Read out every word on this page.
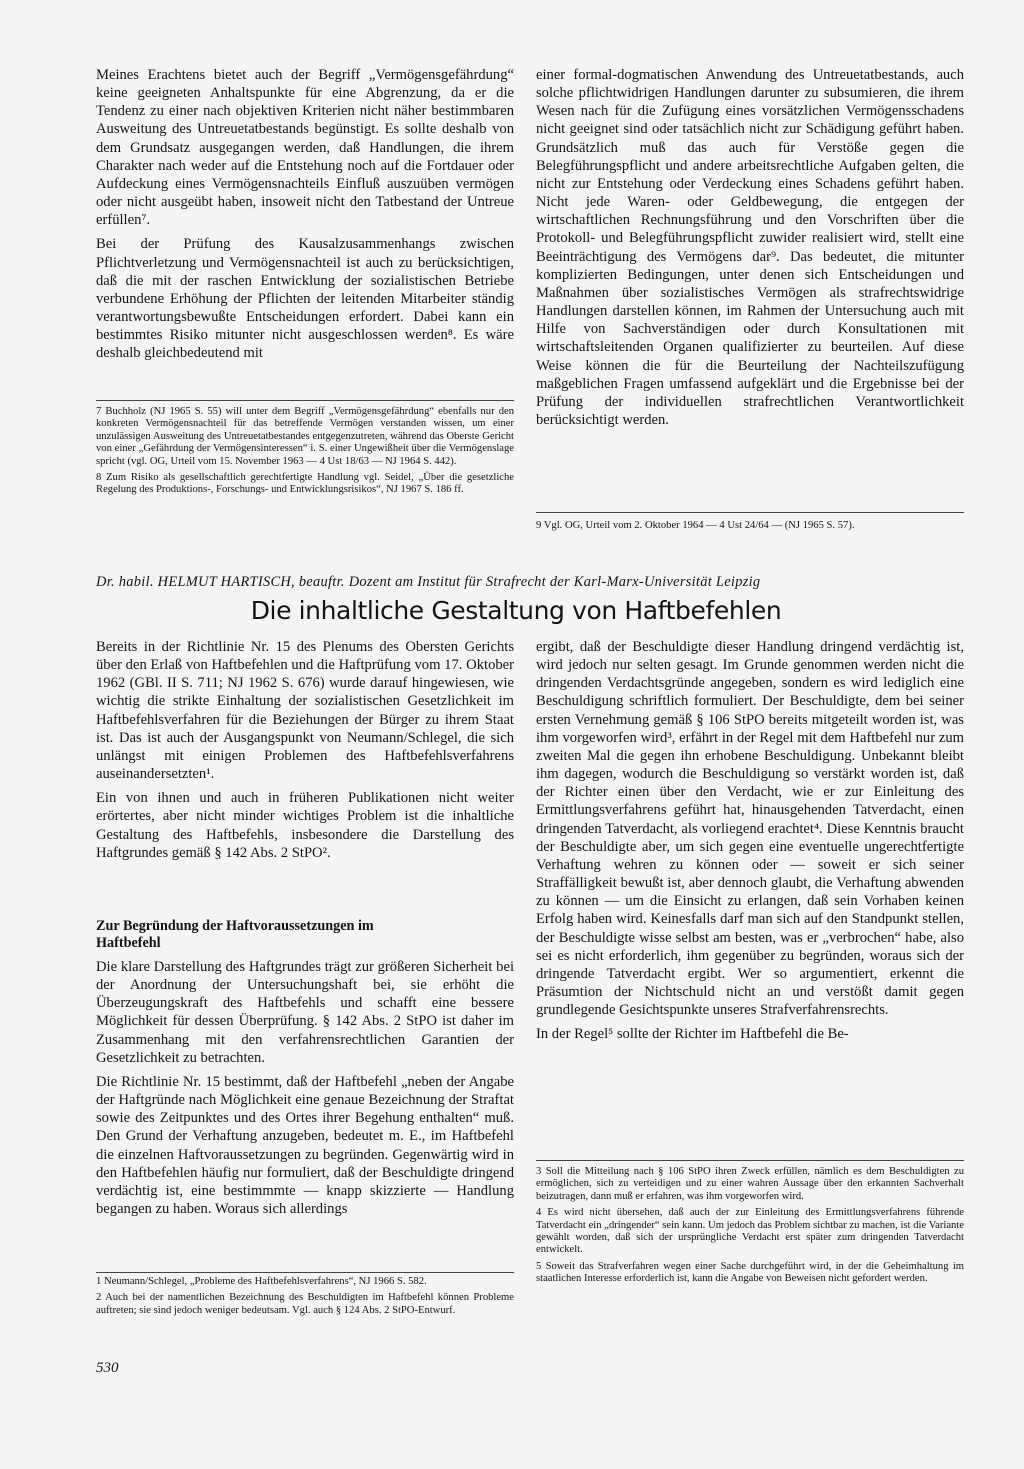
Meines Erachtens bietet auch der Begriff „Vermögensgefährdung“ keine geeigneten Anhaltspunkte für eine Abgrenzung, da er die Tendenz zu einer nach objektiven Kriterien nicht näher bestimmbaren Ausweitung des Untreuetatbestands begünstigt. Es sollte deshalb von dem Grundsatz ausgegangen werden, daß Handlungen, die ihrem Charakter nach weder auf die Entstehung noch auf die Fortdauer oder Aufdeckung eines Vermögensnachteils Einfluß auszuüben vermögen oder nicht ausgeübt haben, insoweit nicht den Tatbestand der Untreue erfüllen⁷.

Bei der Prüfung des Kausalzusammenhangs zwischen Pflichtverletzung und Vermögensnachteil ist auch zu berücksichtigen, daß die mit der raschen Entwicklung der sozialistischen Betriebe verbundene Erhöhung der Pflichten der leitenden Mitarbeiter ständig verantwortungsbewußte Entscheidungen erfordert. Dabei kann ein bestimmtes Risiko mitunter nicht ausgeschlossen werden⁸. Es wäre deshalb gleichbedeutend mit

7 Buchholz (NJ 1965 S. 55) will unter dem Begriff „Vermögensgefährdung“ ebenfalls nur den konkreten Vermögensnachteil für das betreffende Vermögen verstanden wissen, um einer unzulässigen Ausweitung des Untreuetatbestandes entgegenzutreten, während das Oberste Gericht von einer „Gefährdung der Vermögensinteressen“ i. S. einer Ungewißheit über die Vermögenslage spricht (vgl. OG, Urteil vom 15. November 1963 — 4 Ust 18/63 — NJ 1964 S. 442).

8 Zum Risiko als gesellschaftlich gerechtfertigte Handlung vgl. Seidel, „Über die gesetzliche Regelung des Produktions-, Forschungs- und Entwicklungsrisikos“, NJ 1967 S. 186 ff.

einer formal-dogmatischen Anwendung des Untreuetatbestands, auch solche pflichtwidrigen Handlungen darunter zu subsumieren, die ihrem Wesen nach für die Zufügung eines vorsätzlichen Vermögensschadens nicht geeignet sind oder tatsächlich nicht zur Schädigung geführt haben. Grundsätzlich muß das auch für Verstöße gegen die Belegführungspflicht und andere arbeitsrechtliche Aufgaben gelten, die nicht zur Entstehung oder Verdeckung eines Schadens geführt haben. Nicht jede Waren- oder Geldbewegung, die entgegen der wirtschaftlichen Rechnungsführung und den Vorschriften über die Protokoll- und Belegführungspflicht zuwider realisiert wird, stellt eine Beeinträchtigung des Vermögens dar⁹. Das bedeutet, die mitunter komplizierten Bedingungen, unter denen sich Entscheidungen und Maßnahmen über sozialistisches Vermögen als strafrechtswidrige Handlungen darstellen können, im Rahmen der Untersuchung auch mit Hilfe von Sachverständigen oder durch Konsultationen mit wirtschaftsleitenden Organen qualifizierter zu beurteilen. Auf diese Weise können die für die Beurteilung der Nachteilszufügung maßgeblichen Fragen umfassend aufgeklärt und die Ergebnisse bei der Prüfung der individuellen strafrechtlichen Verantwortlichkeit berücksichtigt werden.

9 Vgl. OG, Urteil vom 2. Oktober 1964 — 4 Ust 24/64 — (NJ 1965 S. 57).

Dr. habil. HELMUT HARTISCH, beauftr. Dozent am Institut für Strafrecht der Karl-Marx-Universität Leipzig
Die inhaltliche Gestaltung von Haftbefehlen

Bereits in der Richtlinie Nr. 15 des Plenums des Obersten Gerichts über den Erlaß von Haftbefehlen und die Haftprüfung vom 17. Oktober 1962 (GBl. II S. 711; NJ 1962 S. 676) wurde darauf hingewiesen, wie wichtig die strikte Einhaltung der sozialistischen Gesetzlichkeit im Haftbefehlsverfahren für die Beziehungen der Bürger zu ihrem Staat ist. Das ist auch der Ausgangspunkt von Neumann/Schlegel, die sich unlängst mit einigen Problemen des Haftbefehlsverfahrens auseinandersetzten¹.

Ein von ihnen und auch in früheren Publikationen nicht weiter erörtertes, aber nicht minder wichtiges Problem ist die inhaltliche Gestaltung des Haftbefehls, insbesondere die Darstellung des Haftgrundes gemäß § 142 Abs. 2 StPO².

Zur Begründung der Haftvoraussetzungen im Haftbefehl

Die klare Darstellung des Haftgrundes trägt zur größeren Sicherheit bei der Anordnung der Untersuchungshaft bei, sie erhöht die Überzeugungskraft des Haftbefehls und schafft eine bessere Möglichkeit für dessen Überprüfung. § 142 Abs. 2 StPO ist daher im Zusammenhang mit den verfahrensrechtlichen Garantien der Gesetzlichkeit zu betrachten.

Die Richtlinie Nr. 15 bestimmt, daß der Haftbefehl „neben der Angabe der Haftgründe nach Möglichkeit eine genaue Bezeichnung der Straftat sowie des Zeitpunktes und des Ortes ihrer Begehung enthalten“ muß. Den Grund der Verhaftung anzugeben, bedeutet m. E., im Haftbefehl die einzelnen Haftvoraussetzungen zu begründen. Gegenwärtig wird in den Haftbefehlen häufig nur formuliert, daß der Beschuldigte dringend verdächtig ist, eine bestimmmte — knapp skizzierte — Handlung begangen zu haben. Woraus sich allerdings

1 Neumann/Schlegel, „Probleme des Haftbefehlsverfahrens“, NJ 1966 S. 582.

2 Auch bei der namentlichen Bezeichnung des Beschuldigten im Haftbefehl können Probleme auftreten; sie sind jedoch weniger bedeutsam. Vgl. auch § 124 Abs. 2 StPO-Entwurf.

ergibt, daß der Beschuldigte dieser Handlung dringend verdächtig ist, wird jedoch nur selten gesagt. Im Grunde genommen werden nicht die dringenden Verdachtsgründe angegeben, sondern es wird lediglich eine Beschuldigung schriftlich formuliert. Der Beschuldigte, dem bei seiner ersten Vernehmung gemäß § 106 StPO bereits mitgeteilt worden ist, was ihm vorgeworfen wird³, erfährt in der Regel mit dem Haftbefehl nur zum zweiten Mal die gegen ihn erhobene Beschuldigung. Unbekannt bleibt ihm dagegen, wodurch die Beschuldigung so verstärkt worden ist, daß der Richter einen über den Verdacht, wie er zur Einleitung des Ermittlungsverfahrens geführt hat, hinausgehenden Tatverdacht, einen dringenden Tatverdacht, als vorliegend erachtet⁴. Diese Kenntnis braucht der Beschuldigte aber, um sich gegen eine eventuelle ungerechtfertigte Verhaftung wehren zu können oder — soweit er sich seiner Straffälligkeit bewußt ist, aber dennoch glaubt, die Verhaftung abwenden zu können — um die Einsicht zu erlangen, daß sein Vorhaben keinen Erfolg haben wird. Keinesfalls darf man sich auf den Standpunkt stellen, der Beschuldigte wisse selbst am besten, was er „verbrochen“ habe, also sei es nicht erforderlich, ihm gegenüber zu begründen, woraus sich der dringende Tatverdacht ergibt. Wer so argumentiert, erkennt die Präsumtion der Nichtschuld nicht an und verstößt damit gegen grundlegende Gesichtspunkte unseres Strafverfahrensrechts.

In der Regel⁵ sollte der Richter im Haftbefehl die Be-

3 Soll die Mitteilung nach § 106 StPO ihren Zweck erfüllen, nämlich es dem Beschuldigten zu ermöglichen, sich zu verteidigen und zu einer wahren Aussage über den erkannten Sachverhalt beizutragen, dann muß er erfahren, was ihm vorgeworfen wird.

4 Es wird nicht übersehen, daß auch der zur Einleitung des Ermittlungsverfahrens führende Tatverdacht ein „dringender“ sein kann. Um jedoch das Problem sichtbar zu machen, ist die Variante gewählt worden, daß sich der ursprüngliche Verdacht erst später zum dringenden Tatverdacht entwickelt.

5 Soweit das Strafverfahren wegen einer Sache durchgeführt wird, in der die Geheimhaltung im staatlichen Interesse erforderlich ist, kann die Angabe von Beweisen nicht gefordert werden.

530
